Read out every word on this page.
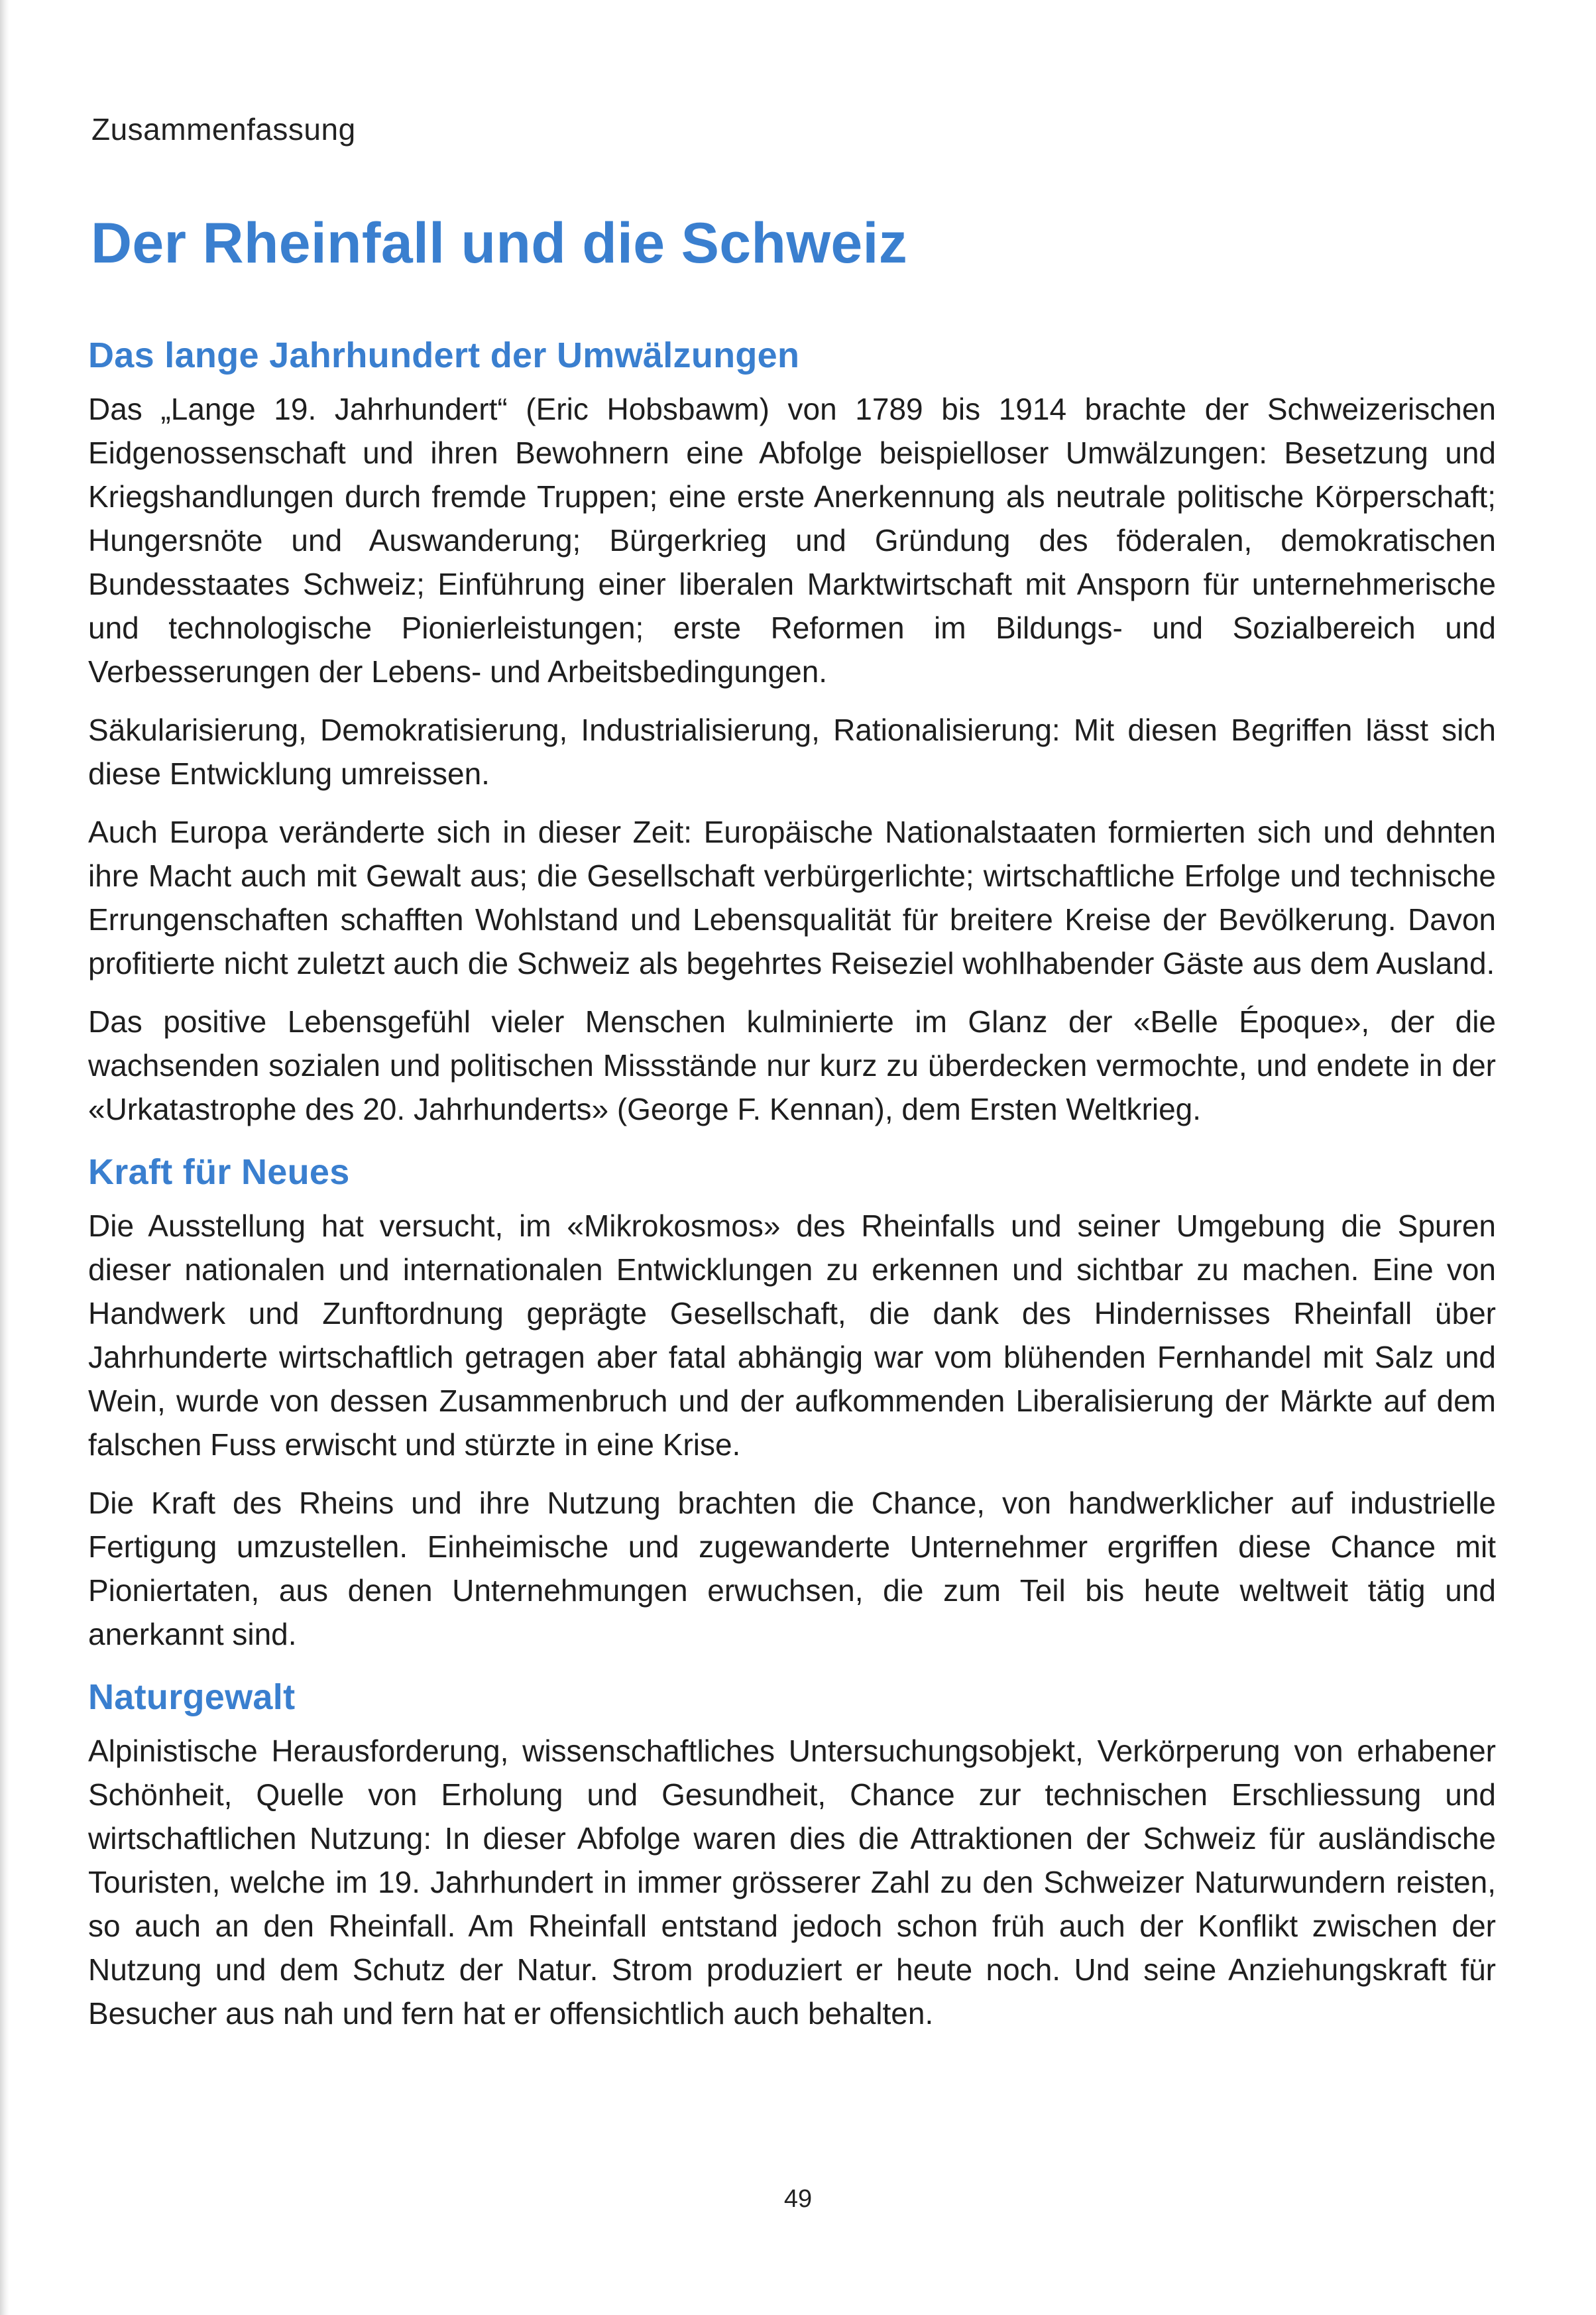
Zusammenfassung
Der Rheinfall und die Schweiz
Das lange Jahrhundert der Umwälzungen

Das „Lange 19. Jahrhundert“ (Eric Hobsbawm) von 1789 bis 1914 brachte der Schweizerischen Eidgenossenschaft und ihren Bewohnern eine Abfolge beispielloser Umwälzungen: Besetzung und Kriegshandlungen durch fremde Truppen; eine erste Anerkennung als neutrale politische Körperschaft; Hungersnöte und Auswanderung; Bürgerkrieg und Gründung des föderalen, demokratischen Bundesstaates Schweiz; Einführung einer liberalen Marktwirtschaft mit Ansporn für unternehmerische und technologische Pionierleistungen; erste Reformen im Bildungs- und Sozialbereich und Verbesserungen der Lebens- und Arbeitsbedingungen.

Säkularisierung, Demokratisierung, Industrialisierung, Rationalisierung: Mit diesen Begriffen lässt sich diese Entwicklung umreissen.

Auch Europa veränderte sich in dieser Zeit: Europäische Nationalstaaten formierten sich und dehnten ihre Macht auch mit Gewalt aus; die Gesellschaft verbürgerlichte; wirtschaftliche Erfolge und technische Errungenschaften schafften Wohlstand und Lebensqualität für breitere Kreise der Bevölkerung. Davon profitierte nicht zuletzt auch die Schweiz als begehrtes Reiseziel wohlhabender Gäste aus dem Ausland.

Das positive Lebensgefühl vieler Menschen kulminierte im Glanz der «Belle Époque», der die wachsenden sozialen und politischen Missstände nur kurz zu überdecken vermochte, und endete in der «Urkatastrophe des 20. Jahrhunderts» (George F. Kennan), dem Ersten Weltkrieg.

Kraft für Neues

Die Ausstellung hat versucht, im «Mikrokosmos» des Rheinfalls und seiner Umgebung die Spuren dieser nationalen und internationalen Entwicklungen zu erkennen und sichtbar zu machen. Eine von Handwerk und Zunftordnung geprägte Gesellschaft, die dank des Hindernisses Rheinfall über Jahrhunderte wirtschaftlich getragen aber fatal abhängig war vom blühenden Fernhandel mit Salz und Wein, wurde von dessen Zusammenbruch und der aufkommenden Liberalisierung der Märkte auf dem falschen Fuss erwischt und stürzte in eine Krise.

Die Kraft des Rheins und ihre Nutzung brachten die Chance, von handwerklicher auf industrielle Fertigung umzustellen. Einheimische und zugewanderte Unternehmer ergriffen diese Chance mit Pioniertaten, aus denen Unternehmungen erwuchsen, die zum Teil bis heute weltweit tätig und anerkannt sind.

Naturgewalt

Alpinistische Herausforderung, wissenschaftliches Untersuchungsobjekt, Verkörperung von erhabener Schönheit, Quelle von Erholung und Gesundheit, Chance zur technischen Erschliessung und wirtschaftlichen Nutzung: In dieser Abfolge waren dies die Attraktionen der Schweiz für ausländische Touristen, welche im 19. Jahrhundert in immer grösserer Zahl zu den Schweizer Naturwundern reisten, so auch an den Rheinfall. Am Rheinfall entstand jedoch schon früh auch der Konflikt zwischen der Nutzung und dem Schutz der Natur. Strom produziert er heute noch. Und seine Anziehungskraft für Besucher aus nah und fern hat er offensichtlich auch behalten.

49
